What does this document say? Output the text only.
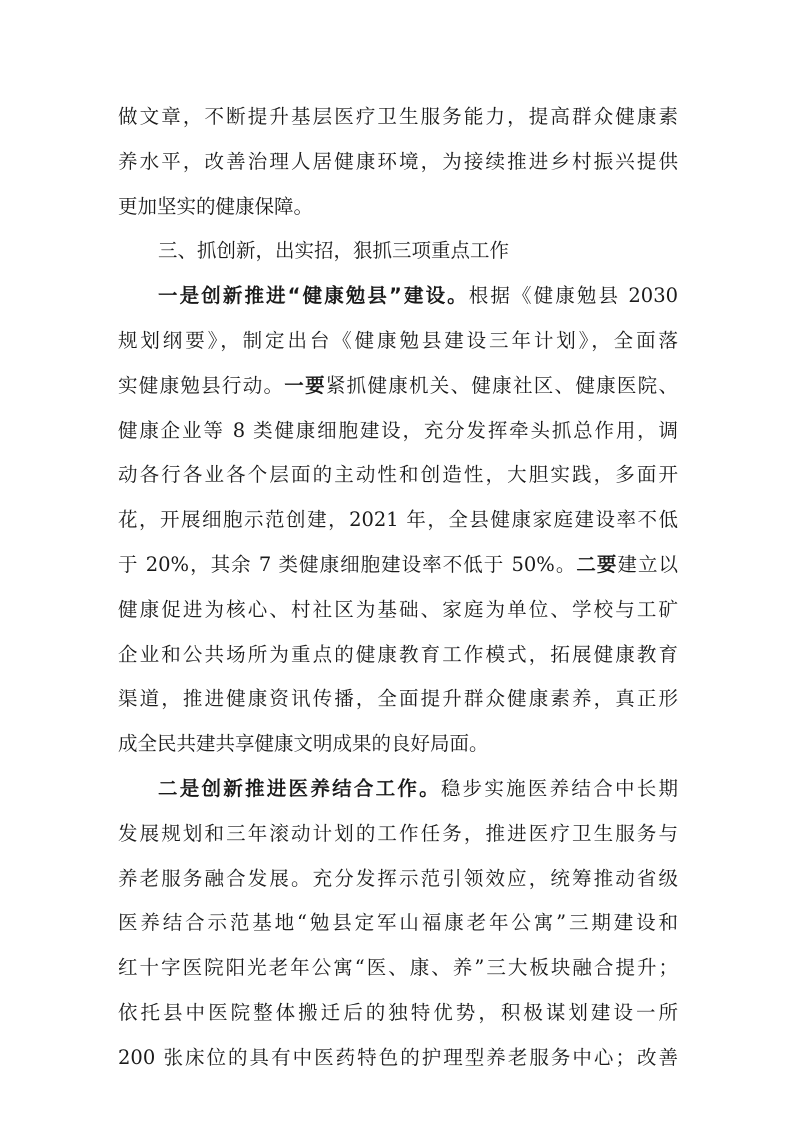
做文章，不断提升基层医疗卫生服务能力，提高群众健康素
养水平，改善治理人居健康环境，为接续推进乡村振兴提供
更加坚实的健康保障。
三、抓创新，出实招，狠抓三项重点工作
一是创新推进“健康勉县”建设。根据《健康勉县 2030
规划纲要》，制定出台《健康勉县建设三年计划》，全面落
实健康勉县行动。一要紧抓健康机关、健康社区、健康医院、
健康企业等 8 类健康细胞建设，充分发挥牵头抓总作用，调
动各行各业各个层面的主动性和创造性，大胆实践，多面开
花，开展细胞示范创建，2021 年，全县健康家庭建设率不低
于 20%，其余 7 类健康细胞建设率不低于 50%。二要建立以
健康促进为核心、村社区为基础、家庭为单位、学校与工矿
企业和公共场所为重点的健康教育工作模式，拓展健康教育
渠道，推进健康资讯传播，全面提升群众健康素养，真正形
成全民共建共享健康文明成果的良好局面。
二是创新推进医养结合工作。稳步实施医养结合中长期
发展规划和三年滚动计划的工作任务，推进医疗卫生服务与
养老服务融合发展。充分发挥示范引领效应，统筹推动省级
医养结合示范基地“勉县定军山福康老年公寓”三期建设和
红十字医院阳光老年公寓“医、康、养”三大板块融合提升；
依托县中医院整体搬迁后的独特优势，积极谋划建设一所
200 张床位的具有中医药特色的护理型养老服务中心；改善
